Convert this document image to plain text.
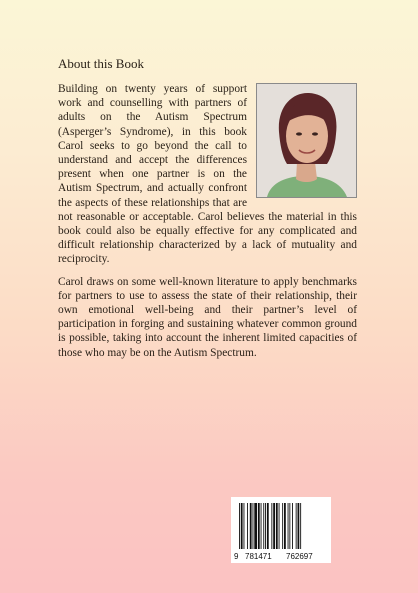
About this Book

Building on twenty years of support work and counselling with partners of adults on the Autism Spectrum (Asperger’s Syndrome), in this book Carol seeks to go beyond the call to understand and accept the differences present when one partner is on the Autism Spectrum, and actually confront the aspects of these relationships that are not reasonable or acceptable. Carol believes the material in this book could also be equally effective for any complicated and difficult relationship characterized by a lack of mutuality and reciprocity.

Carol draws on some well-known literature to apply benchmarks for partners to use to assess the state of their relationship, their own emotional well-being and their partner’s level of participation in forging and sustaining whatever common ground is possible, taking into account the inherent limited capacities of those who may be on the Autism Spectrum.

9 781471 762697
